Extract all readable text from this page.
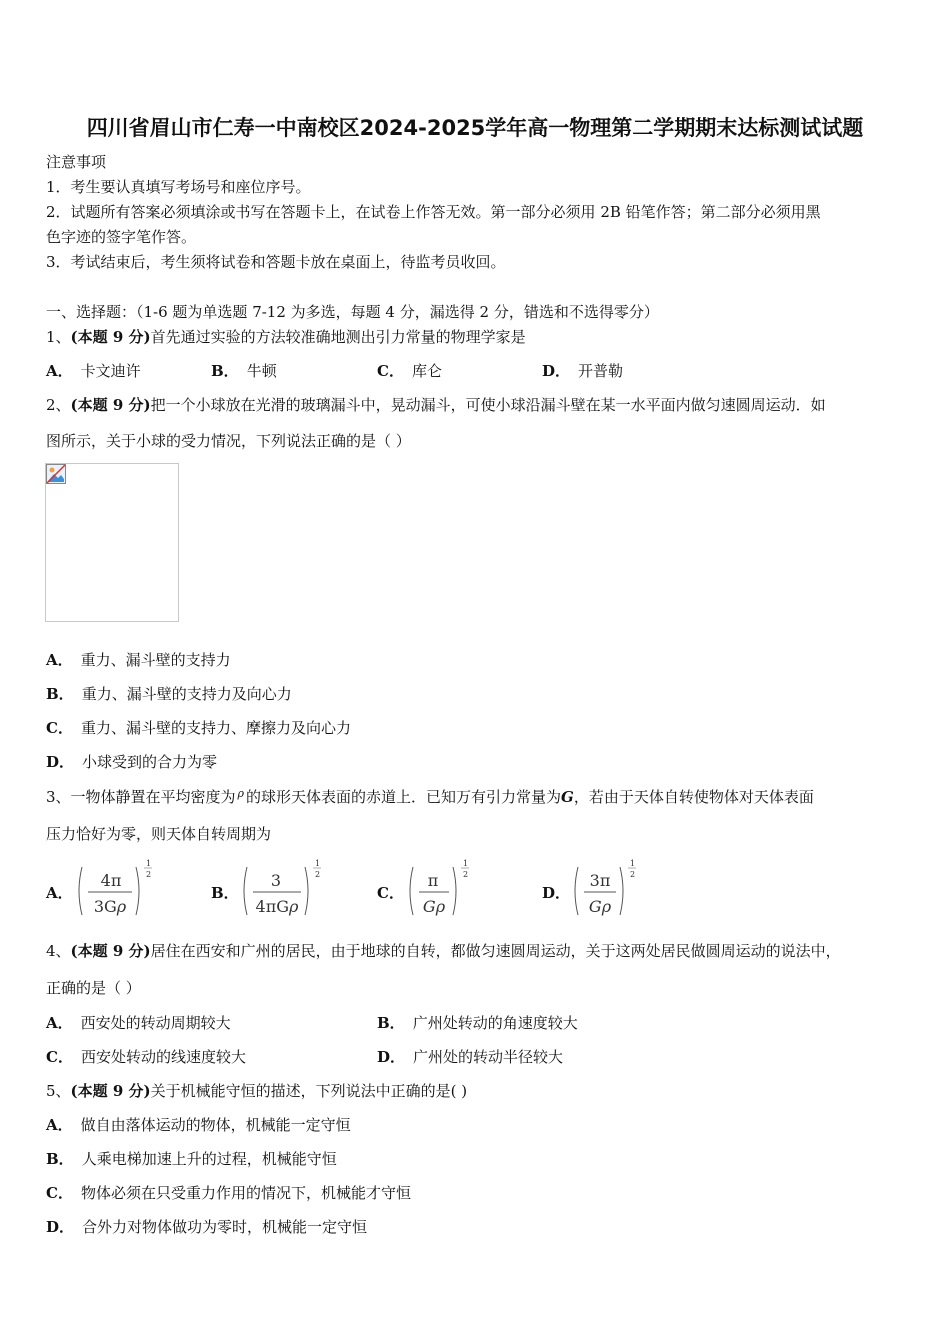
四川省眉山市仁寿一中南校区2024-2025学年高一物理第二学期期末达标测试试题
注意事项
1．考生要认真填写考场号和座位序号。
2．试题所有答案必须填涂或书写在答题卡上，在试卷上作答无效。第一部分必须用 2B 铅笔作答；第二部分必须用黑
色字迹的签字笔作答。
3．考试结束后，考生须将试卷和答题卡放在桌面上，待监考员收回。
一、选择题：（1-6 题为单选题 7-12 为多选，每题 4 分，漏选得 2 分，错选和不选得零分）
1、(本题 9 分)首先通过实验的方法较准确地测出引力常量的物理学家是
A． 卡文迪许	B． 牛顿	C． 库仑	D． 开普勒
2、(本题 9 分)把一个小球放在光滑的玻璃漏斗中，晃动漏斗，可使小球沿漏斗壁在某一水平面内做匀速圆周运动．如
图所示，关于小球的受力情况，下列说法正确的是（ ）
A． 重力、漏斗壁的支持力
B． 重力、漏斗壁的支持力及向心力
C． 重力、漏斗壁的支持力、摩擦力及向心力
D． 小球受到的合力为零
3、一物体静置在平均密度为 $^\rho$ 的球形天体表面的赤道上．已知万有引力常量为G，若由于天体自转使物体对天体表面
压力恰好为零，则天体自转周期为
A．
4π
3Gρ
1
2
B．
3
4πGρ
1
2
C．
π
Gρ
1
2
D．
3π
Gρ
1
2
4、(本题 9 分)居住在西安和广州的居民，由于地球的自转，都做匀速圆周运动，关于这两处居民做圆周运动的说法中，
正确的是（ ）
A． 西安处的转动周期较大	B． 广州处转动的角速度较大
C． 西安处转动的线速度较大	D． 广州处的转动半径较大
5、(本题 9 分)关于机械能守恒的描述，下列说法中正确的是( )
A． 做自由落体运动的物体，机械能一定守恒
B． 人乘电梯加速上升的过程，机械能守恒
C． 物体必须在只受重力作用的情况下，机械能才守恒
D． 合外力对物体做功为零时，机械能一定守恒
